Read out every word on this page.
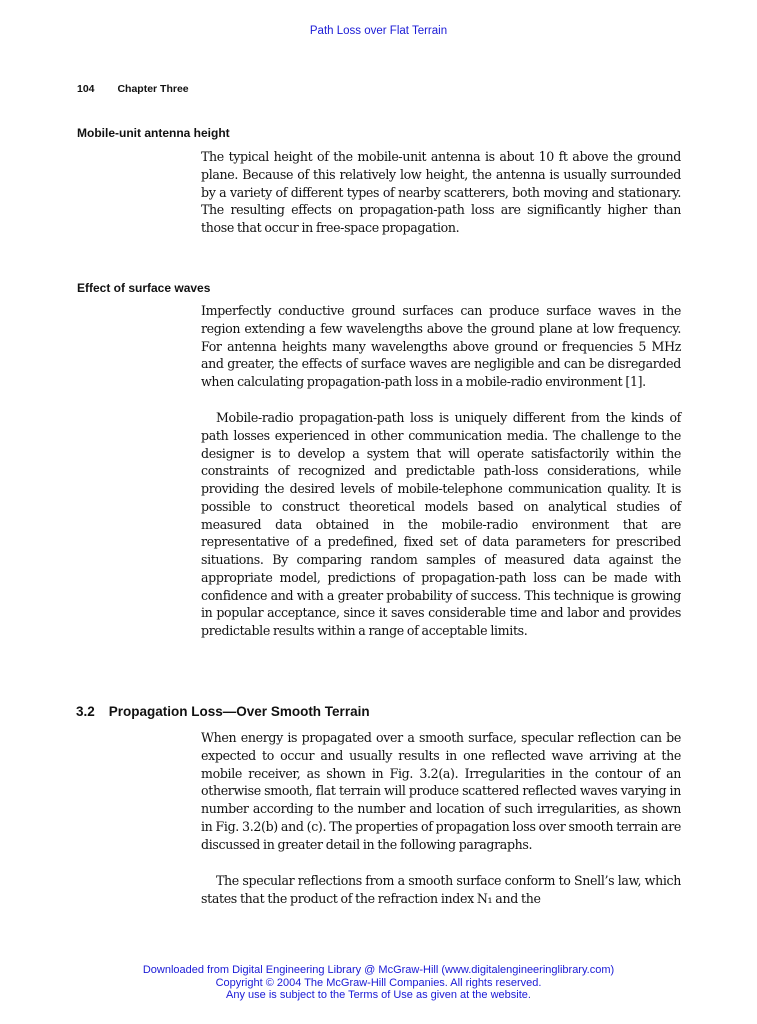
Path Loss over Flat Terrain
104 Chapter Three
Mobile-unit antenna height

The typical height of the mobile-unit antenna is about 10 ft above the ground plane. Because of this relatively low height, the antenna is usually surrounded by a variety of different types of nearby scatterers, both moving and stationary. The resulting effects on propagation-path loss are significantly higher than those that occur in free-space propagation.

Effect of surface waves

Imperfectly conductive ground surfaces can produce surface waves in the region extending a few wavelengths above the ground plane at low frequency. For antenna heights many wavelengths above ground or frequencies 5 MHz and greater, the effects of surface waves are negligible and can be disregarded when calculating propagation-path loss in a mobile-radio environment [1].

Mobile-radio propagation-path loss is uniquely different from the kinds of path losses experienced in other communication media. The challenge to the designer is to develop a system that will operate satisfactorily within the constraints of recognized and predictable path-loss considerations, while providing the desired levels of mobile-telephone communication quality. It is possible to construct theoretical models based on analytical studies of measured data obtained in the mobile-radio environment that are representative of a predefined, fixed set of data parameters for prescribed situations. By comparing random samples of measured data against the appropriate model, predictions of propagation-path loss can be made with confidence and with a greater probability of success. This technique is growing in popular acceptance, since it saves considerable time and labor and provides predictable results within a range of acceptable limits.

3.2 Propagation Loss—Over Smooth Terrain

When energy is propagated over a smooth surface, specular reflection can be expected to occur and usually results in one reflected wave arriving at the mobile receiver, as shown in Fig. 3.2(a). Irregularities in the contour of an otherwise smooth, flat terrain will produce scattered reflected waves varying in number according to the number and location of such irregularities, as shown in Fig. 3.2(b) and (c). The properties of propagation loss over smooth terrain are discussed in greater detail in the following paragraphs.

The specular reflections from a smooth surface conform to Snell’s law, which states that the product of the refraction index N₁ and the

Downloaded from Digital Engineering Library @ McGraw-Hill (www.digitalengineeringlibrary.com)
Copyright © 2004 The McGraw-Hill Companies. All rights reserved.
Any use is subject to the Terms of Use as given at the website.
